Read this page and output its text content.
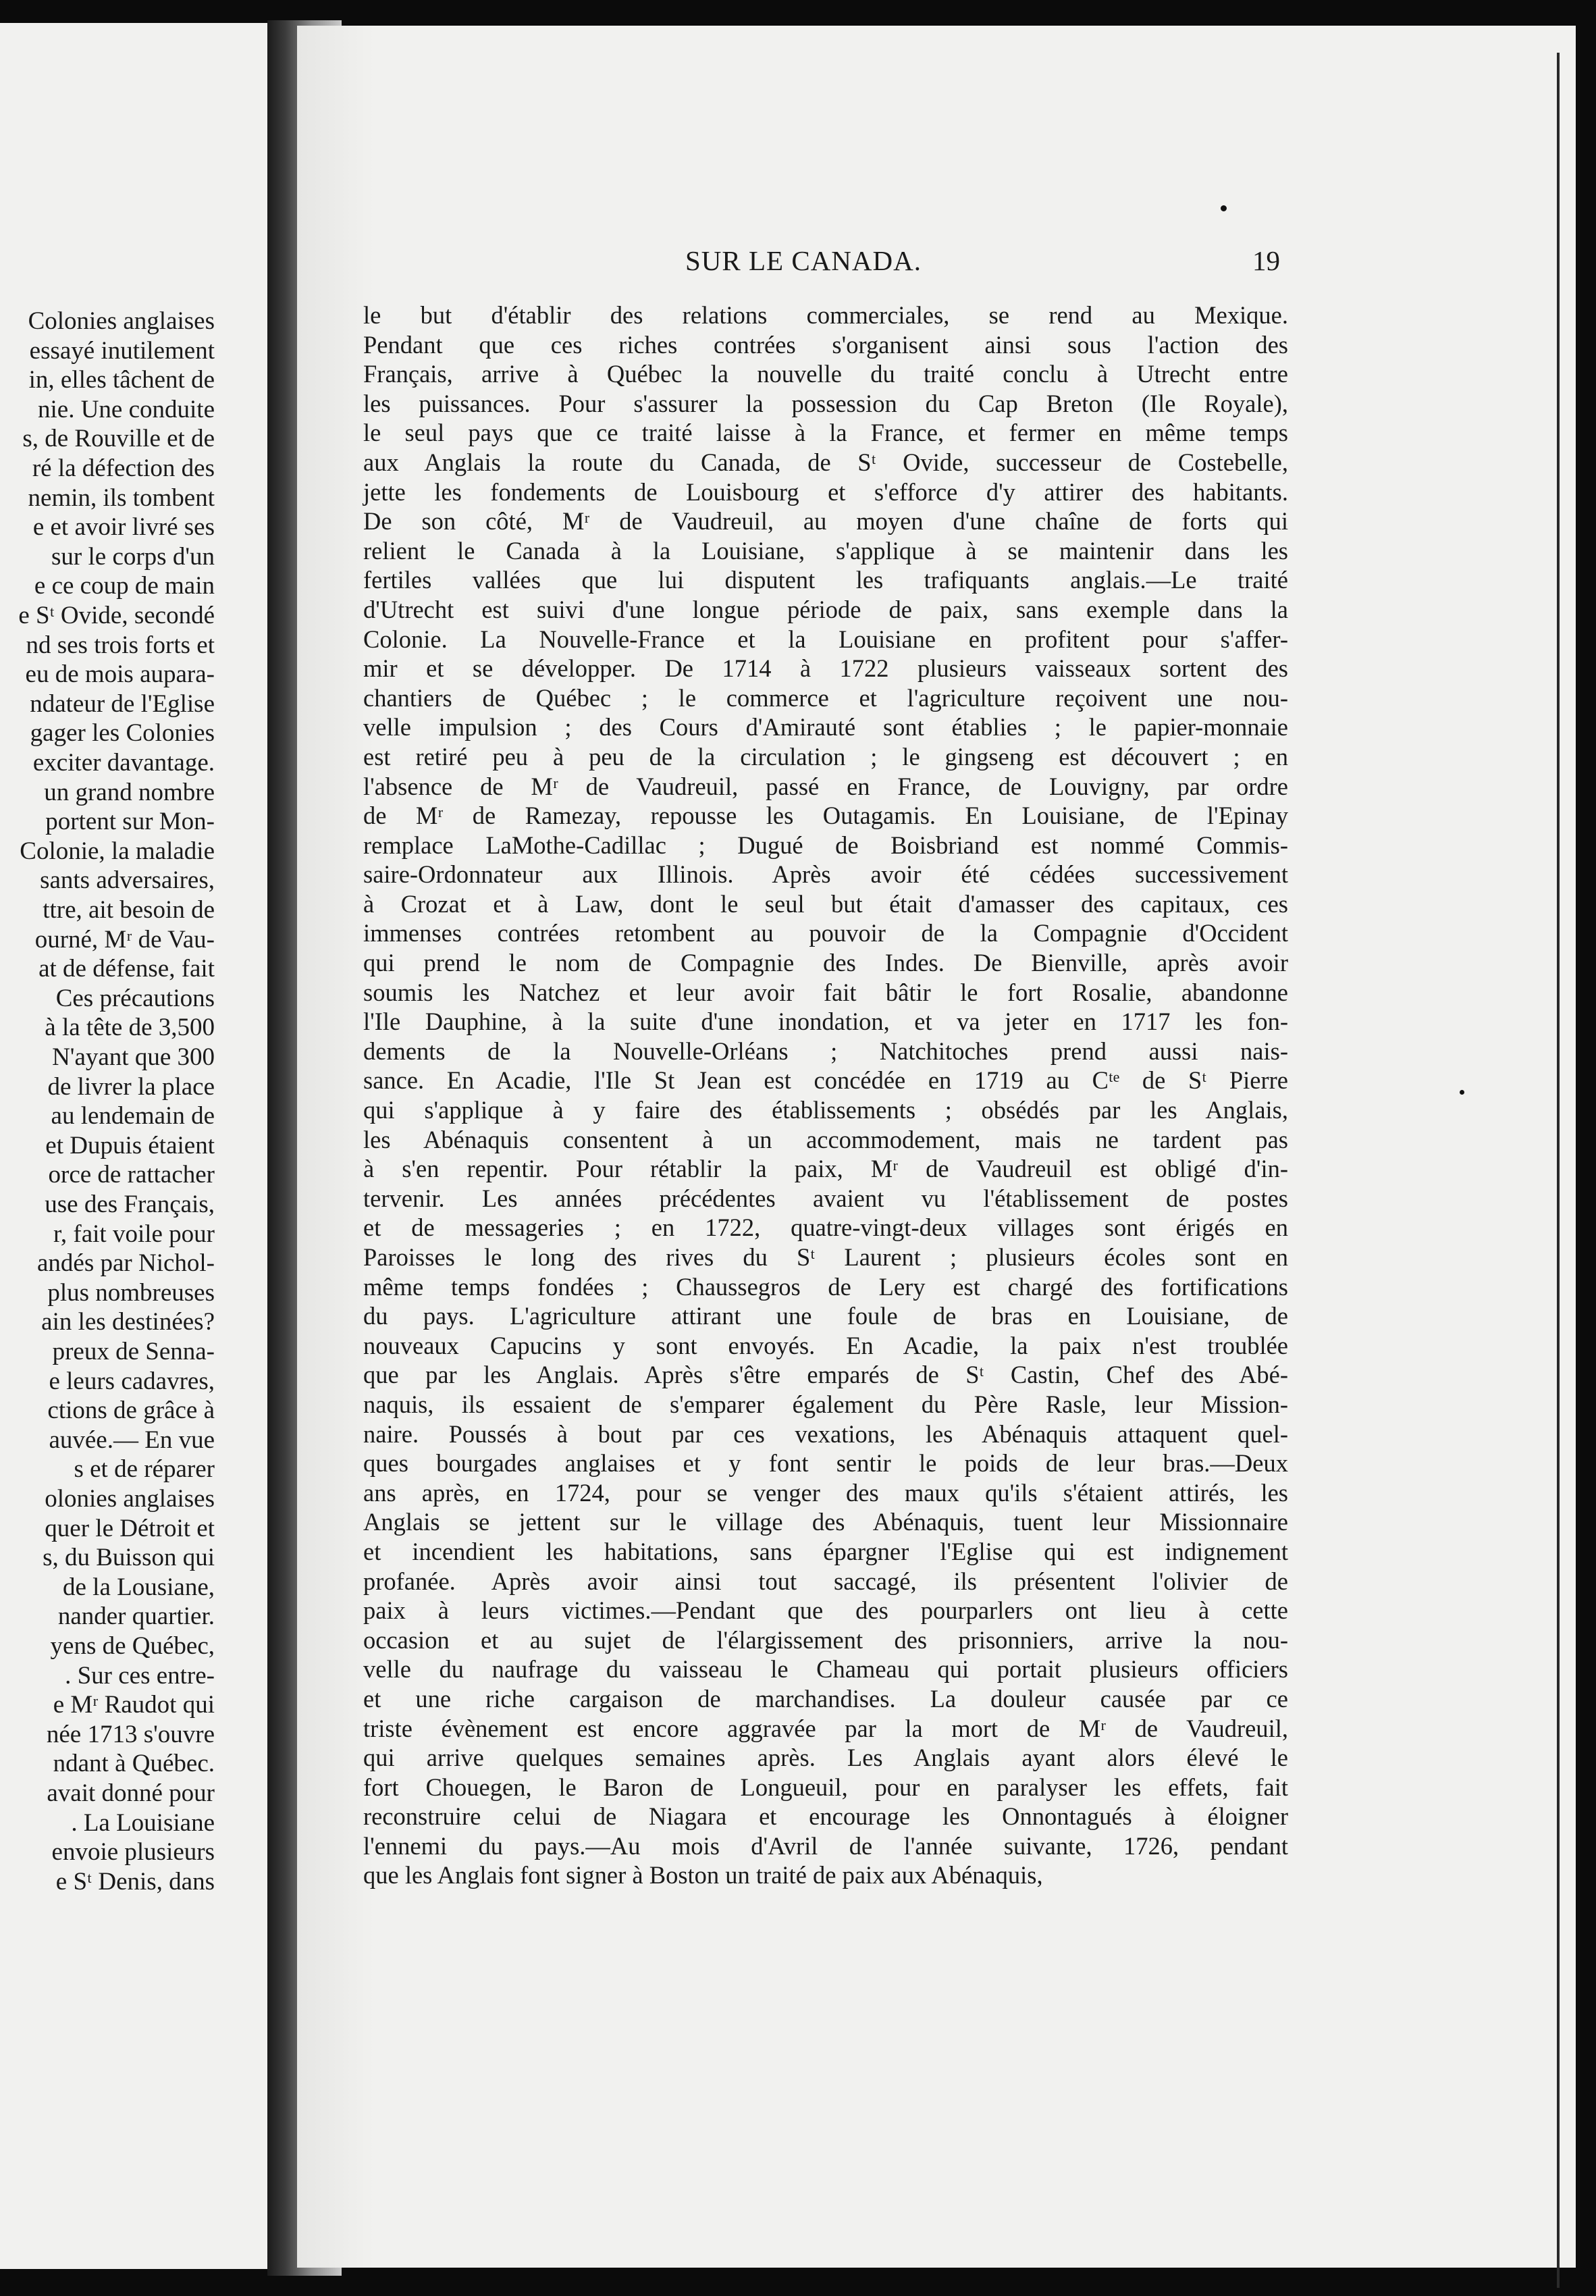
Colonies anglaises
essayé inutilement
in, elles tâchent de
nie. Une conduite
s, de Rouville et de
ré la défection des
nemin, ils tombent
e et avoir livré ses
sur le corps d'un
e ce coup de main
e Sᵗ Ovide, secondé
nd ses trois forts et
eu de mois aupara-
ndateur de l'Eglise
gager les Colonies
exciter davantage.
un grand nombre
portent sur Mon-
Colonie, la maladie
sants adversaires,
ttre, ait besoin de
ourné, Mʳ de Vau-
at de défense, fait
Ces précautions
à la tête de 3,500
N'ayant que 300
de livrer la place
au lendemain de
et Dupuis étaient
orce de rattacher
use des Français,
r, fait voile pour
andés par Nichol-
plus nombreuses
ain les destinées?
preux de Senna-
e leurs cadavres,
ctions de grâce à
auvée.— En vue
s et de réparer
olonies anglaises
quer le Détroit et
s, du Buisson qui
de la Lousiane,
nander quartier.
yens de Québec,
. Sur ces entre-
e Mʳ Raudot qui
née 1713 s'ouvre
ndant à Québec.
avait donné pour
. La Louisiane
envoie plusieurs
e Sᵗ Denis, dans
SUR LE CANADA.	19
le but d'établir des relations commerciales, se rend au Mexique.
Pendant que ces riches contrées s'organisent ainsi sous l'action des
Français, arrive à Québec la nouvelle du traité conclu à Utrecht entre
les puissances. Pour s'assurer la possession du Cap Breton (Ile Royale),
le seul pays que ce traité laisse à la France, et fermer en même temps
aux Anglais la route du Canada, de Sᵗ Ovide, successeur de Costebelle,
jette les fondements de Louisbourg et s'efforce d'y attirer des habitants.
De son côté, Mʳ de Vaudreuil, au moyen d'une chaîne de forts qui
relient le Canada à la Louisiane, s'applique à se maintenir dans les
fertiles vallées que lui disputent les trafiquants anglais.—Le traité
d'Utrecht est suivi d'une longue période de paix, sans exemple dans la
Colonie. La Nouvelle-France et la Louisiane en profitent pour s'affer-
mir et se développer. De 1714 à 1722 plusieurs vaisseaux sortent des
chantiers de Québec ; le commerce et l'agriculture reçoivent une nou-
velle impulsion ; des Cours d'Amirauté sont établies ; le papier-monnaie
est retiré peu à peu de la circulation ; le gingseng est découvert ; en
l'absence de Mʳ de Vaudreuil, passé en France, de Louvigny, par ordre
de Mʳ de Ramezay, repousse les Outagamis. En Louisiane, de l'Epinay
remplace LaMothe-Cadillac ; Dugué de Boisbriand est nommé Commis-
saire-Ordonnateur aux Illinois. Après avoir été cédées successivement
à Crozat et à Law, dont le seul but était d'amasser des capitaux, ces
immenses contrées retombent au pouvoir de la Compagnie d'Occident
qui prend le nom de Compagnie des Indes. De Bienville, après avoir
soumis les Natchez et leur avoir fait bâtir le fort Rosalie, abandonne
l'Ile Dauphine, à la suite d'une inondation, et va jeter en 1717 les fon-
dements de la Nouvelle-Orléans ; Natchitoches prend aussi nais-
sance. En Acadie, l'Ile St Jean est concédée en 1719 au Cᵗᵉ de Sᵗ Pierre
qui s'applique à y faire des établissements ; obsédés par les Anglais,
les Abénaquis consentent à un accommodement, mais ne tardent pas
à s'en repentir. Pour rétablir la paix, Mʳ de Vaudreuil est obligé d'in-
tervenir. Les années précédentes avaient vu l'établissement de postes
et de messageries ; en 1722, quatre-vingt-deux villages sont érigés en
Paroisses le long des rives du Sᵗ Laurent ; plusieurs écoles sont en
même temps fondées ; Chaussegros de Lery est chargé des fortifications
du pays. L'agriculture attirant une foule de bras en Louisiane, de
nouveaux Capucins y sont envoyés. En Acadie, la paix n'est troublée
que par les Anglais. Après s'être emparés de Sᵗ Castin, Chef des Abé-
naquis, ils essaient de s'emparer également du Père Rasle, leur Mission-
naire. Poussés à bout par ces vexations, les Abénaquis attaquent quel-
ques bourgades anglaises et y font sentir le poids de leur bras.—Deux
ans après, en 1724, pour se venger des maux qu'ils s'étaient attirés, les
Anglais se jettent sur le village des Abénaquis, tuent leur Missionnaire
et incendient les habitations, sans épargner l'Eglise qui est indignement
profanée. Après avoir ainsi tout saccagé, ils présentent l'olivier de
paix à leurs victimes.—Pendant que des pourparlers ont lieu à cette
occasion et au sujet de l'élargissement des prisonniers, arrive la nou-
velle du naufrage du vaisseau le Chameau qui portait plusieurs officiers
et une riche cargaison de marchandises. La douleur causée par ce
triste évènement est encore aggravée par la mort de Mʳ de Vaudreuil,
qui arrive quelques semaines après. Les Anglais ayant alors élevé le
fort Chouegen, le Baron de Longueuil, pour en paralyser les effets, fait
reconstruire celui de Niagara et encourage les Onnontagués à éloigner
l'ennemi du pays.—Au mois d'Avril de l'année suivante, 1726, pendant
que les Anglais font signer à Boston un traité de paix aux Abénaquis,
